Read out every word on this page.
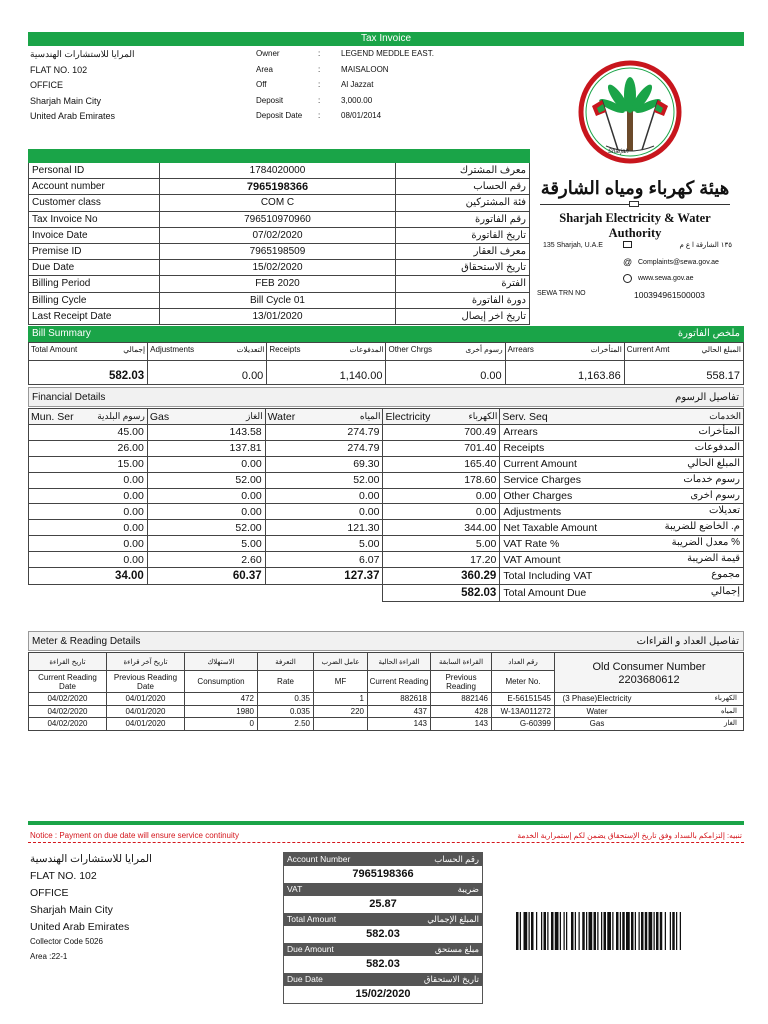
Tax Invoice
المرايا للاستشارات الهندسية
FLAT NO. 102
OFFICE
Sharjah Main City
United Arab Emirates
Owner	:	LEGEND MEDDLE EAST.
Area	:	MAISALOON
Off	:	Al Jazzat
Deposit	:	3,000.00
Deposit Date	:	08/01/2014
Sharjah
هيئة كهرباء ومياه الشارقة
Sharjah Electricity & Water Authority
135 Sharjah, U.A.E	١٣٥ الشارقة ا ع م
@ Complaints@sewa.gov.ae
www.sewa.gov.ae
SEWA TRN NO	100394961500003

Personal ID	1784020000	معرف المشترك
Account number	7965198366	رقم الحساب
Customer class	COM C	فئة المشتركين
Tax Invoice No	796510970960	رقم الفاتورة
Invoice Date	07/02/2020	تاريخ الفاتورة
Premise ID	7965198509	معرف العقار
Due Date	15/02/2020	تاريخ الاستحقاق
Billing Period	FEB 2020	الفترة
Billing Cycle	Bill Cycle 01	دورة الفاتورة
Last Receipt Date	13/01/2020	تاريخ اخر إيصال
Bill Summary	ملخص الفاتورة
Total Amount إجمالي	Adjustments التعديلات	Receipts المدفوعات	Other Chrgs رسوم أخرى	Arrears المتأخرات	Current Amt المبلغ الحالي

582.03	0.00	1,140.00	0.00	1,163.86	558.17
Financial Details	تفاصيل الرسوم
Mun. Ser رسوم البلدية	Gas الغاز	Water المياه	Electricity الكهرباء	Serv. Seq الخدمات

45.00	143.58	274.79	700.49	Arrears المتأخرات

26.00	137.81	274.79	701.40	Receipts المدفوعات

15.00	0.00	69.30	165.40	Current Amount المبلغ الحالي

0.00	52.00	52.00	178.60	Service Charges رسوم خدمات

0.00	0.00	0.00	0.00	Other Charges رسوم اخرى

0.00	0.00	0.00	0.00	Adjustments تعديلات

0.00	52.00	121.30	344.00	Net Taxable Amount م. الخاضع للضريبة

0.00	5.00	5.00	5.00	VAT Rate % معدل الضريبة %

0.00	2.60	6.07	17.20	VAT Amount قيمة الضريبة

34.00	60.37	127.37	360.29	Total Including VAT مجموع

			582.03	Total Amount Due إجمالي
Meter & Reading Details	تفاصيل العداد و القراءات
تاريخ القراءة	تاريخ آخر قراءة	الاستهلاك	التعرفة	عامل الضرب	القراءة الحالية	القراءة السابقة	رقم العداد	Old Consumer Number
2203680612

Current Reading Date	Previous Reading Date	Consumption	Rate	MF	Current Reading	Previous Reading	Meter No.	
04/02/2020	04/01/2020	472	0.35	1	882618	882146	E-56151545	(3 Phase)Electricity الكهرباء

04/02/2020	04/01/2020	1980	0.035	220	437	428	W-13A011272	Water المياه

04/02/2020	04/01/2020	0	2.50		143	143	G-60399	Gas الغاز
Notice : Payment on due date will ensure service continuity	تنبيه: إلتزامكم بالسداد وفق تاريخ الإستحقاق يضمن لكم إستمرارية الخدمة
المرايا للاستشارات الهندسية
FLAT NO. 102
OFFICE
Sharjah Main City
United Arab Emirates
Collector Code 5026
Area :22-1
Account Number	رقم الحساب
7965198366
VAT	ضريبة
25.87
Total Amount	المبلغ الإجمالي
582.03
Due Amount	مبلغ مستحق
582.03
Due Date	تاريخ الاستحقاق
15/02/2020
